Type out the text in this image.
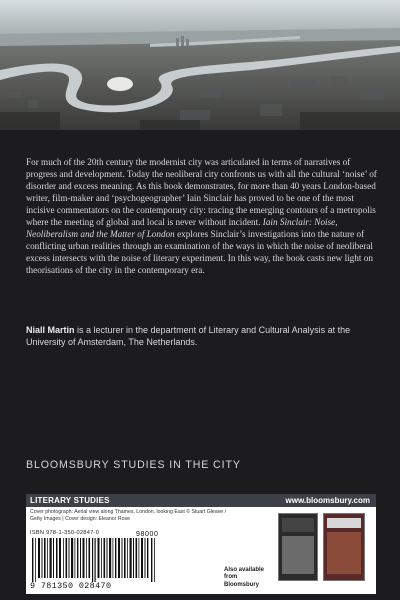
For much of the 20th century the modernist city was articulated in terms of narratives of progress and development. Today the neoliberal city confronts us with all the cultural ‘noise’ of disorder and excess meaning. As this book demonstrates, for more than 40 years London-based writer, film-maker and ‘psychogeographer’ Iain Sinclair has proved to be one of the most incisive commentators on the contemporary city: tracing the emerging contours of a metropolis where the meeting of global and local is never without incident. Iain Sinclair: Noise, Neoliberalism and the Matter of London explores Sinclair’s investigations into the nature of conflicting urban realities through an examination of the ways in which the noise of neoliberal excess intersects with the noise of literary experiment. In this way, the book casts new light on theorisations of the city in the contemporary era.

Niall Martin is a lecturer in the department of Literary and Cultural Analysis at the University of Amsterdam, The Netherlands.

BLOOMSBURY STUDIES IN THE CITY
LITERARY STUDIES	www.bloomsbury.com
Cover photograph: Aerial view along Thames, London, looking East © Stuart Gleave / Getty Images | Cover design: Eleanor Rose
ISBN 978-1-350-02847-0	98000
9 781350 028470
Also available from Bloomsbury
